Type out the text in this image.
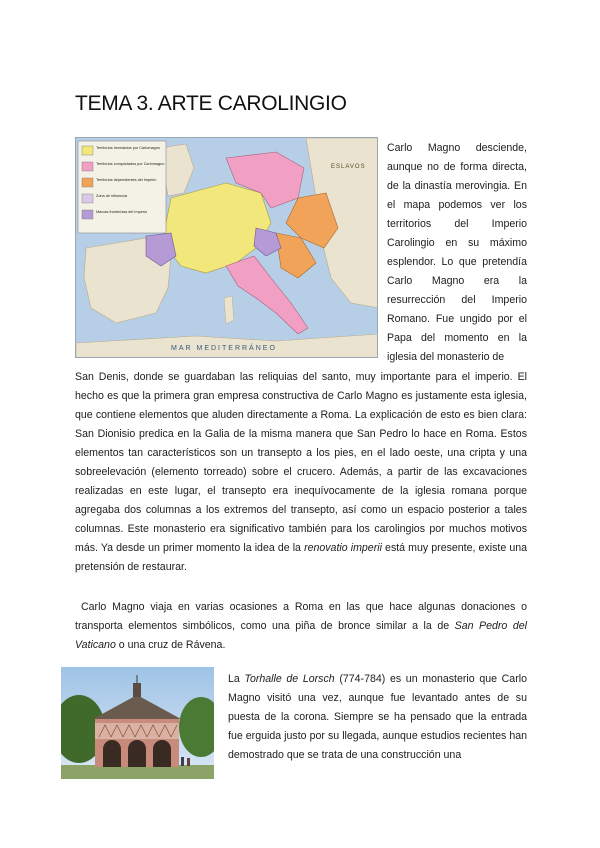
TEMA 3. ARTE CAROLINGIO
Territorios heredados por Carlomagno
Territorios conquistados por Carlomagno
Territorios dependientes del Imperio
Zona de influencia
Marcas fronterizas del Imperio
MAR MEDITERRÁNEO
ESLAVOS
Carlo Magno desciende, aunque no de forma directa, de la dinastía merovingia. En el mapa podemos ver los territorios del Imperio Carolingio en su máximo esplendor. Lo que pretendía Carlo Magno era la resurrección del Imperio Romano. Fue ungido por el Papa del momento en la iglesia del monasterio de
San Denis, donde se guardaban las reliquias del santo, muy importante para el imperio. El hecho es que la primera gran empresa constructiva de Carlo Magno es justamente esta iglesia, que contiene elementos que aluden directamente a Roma. La explicación de esto es bien clara: San Dionisio predica en la Galia de la misma manera que San Pedro lo hace en Roma. Estos elementos tan característicos son un transepto a los pies, en el lado oeste, una cripta y una sobreelevación (elemento torreado) sobre el crucero. Además, a partir de las excavaciones realizadas en este lugar, el transepto era inequívocamente de la iglesia romana porque agregaba dos columnas a los extremos del transepto, así como un espacio posterior a tales columnas. Este monasterio era significativo también para los carolingios por muchos motivos más. Ya desde un primer momento la idea de la renovatio imperii está muy presente, existe una pretensión de restaurar.
Carlo Magno viaja en varias ocasiones a Roma en las que hace algunas donaciones o transporta elementos simbólicos, como una piña de bronce similar a la de San Pedro del Vaticano o una cruz de Rávena.
La Torhalle de Lorsch (774-784) es un monasterio que Carlo Magno visitó una vez, aunque fue levantado antes de su puesta de la corona. Siempre se ha pensado que la entrada fue erguida justo por su llegada, aunque estudios recientes han demostrado que se trata de una construcción una
